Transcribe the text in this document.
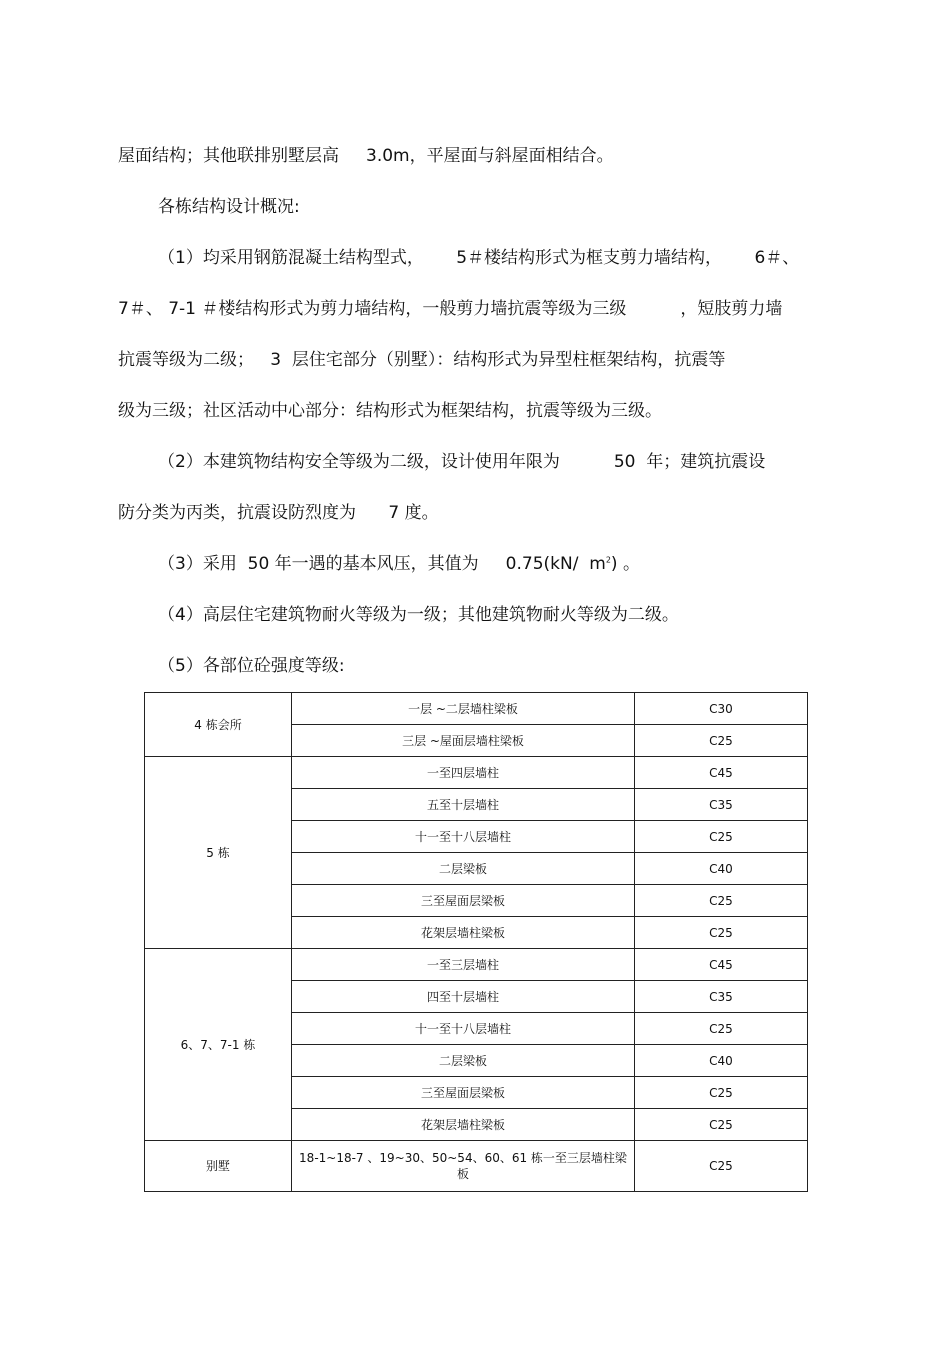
屋面结构；其他联排别墅层高     3.0m，平屋面与斜屋面相结合。
各栋结构设计概况:
（1）均采用钢筋混凝土结构型式，      5＃楼结构形式为框支剪力墙结构，      6＃、
7＃、 7-1 ＃楼结构形式为剪力墙结构，一般剪力墙抗震等级为三级          ，短肢剪力墙
抗震等级为二级；   3  层住宅部分（别墅）：结构形式为异型柱框架结构，抗震等
级为三级；社区活动中心部分：结构形式为框架结构，抗震等级为三级。
（2）本建筑物结构安全等级为二级，设计使用年限为          50  年；建筑抗震设
防分类为丙类，抗震设防烈度为      7 度。
（3）采用  50 年一遇的基本风压，其值为     0.75(kN/  $m^2$) 。
（4）高层住宅建筑物耐火等级为一级；其他建筑物耐火等级为二级。
（5）各部位砼强度等级:
4 栋会所	一层 ~二层墙柱梁板	C30
	三层 ~屋面层墙柱梁板	C25
5 栋	一至四层墙柱	C45
	五至十层墙柱	C35
	十一至十八层墙柱	C25
	二层梁板	C40
	三至屋面层梁板	C25
	花架层墙柱梁板	C25
6、7、7-1 栋	一至三层墙柱	C45
	四至十层墙柱	C35
	十一至十八层墙柱	C25
	二层梁板	C40
	三至屋面层梁板	C25
	花架层墙柱梁板	C25
别墅	18-1~18-7 、19~30、50~54、60、61 栋一至三层墙柱梁板	C25
